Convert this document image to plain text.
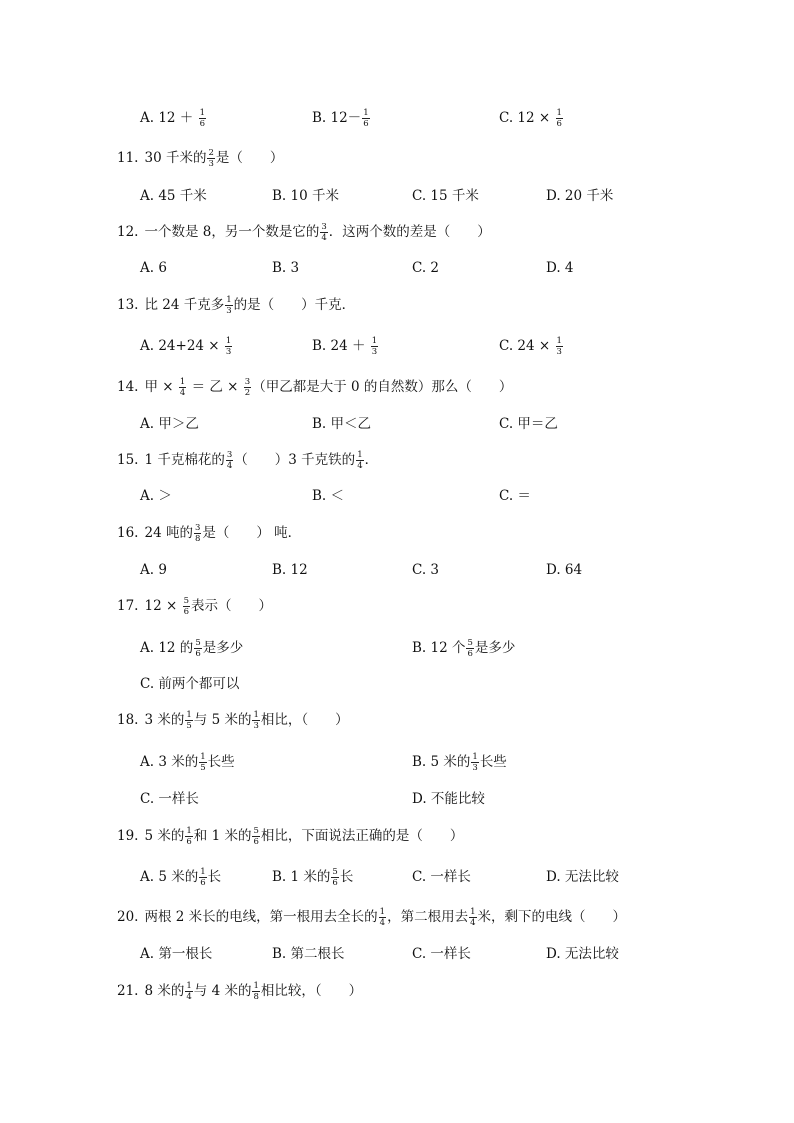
A. $12 + \frac{1}{6}$	B. $12- \frac{1}{6}$	C. $12 \times \frac{1}{6}$
11. 30 千米的 $\frac{2}{3}$ 是（　　）
A. 45 千米	B. 10 千米	C. 15 千米	D. 20 千米
12. 一个数是 8，另一个数是它的 $\frac{3}{4}$ ．这两个数的差是（　　）
A. 6	B. 3	C. 2	D. 4
13. 比 24 千克多 $\frac{1}{3}$ 的是（　　）千克．
A. $24+24 \times \frac{1}{3}$	B. $24 + \frac{1}{3}$	C. $24 \times \frac{1}{3}$
14. 甲 × $\frac{1}{4}$ ＝ 乙 × $\frac{3}{2}$ （甲乙都是大于 0 的自然数）那么（　　）
A. 甲＞乙	B. 甲＜乙	C. 甲＝乙
15. 1 千克棉花的 $\frac{3}{4}$ （　　）3 千克铁的 $\frac{1}{4}$ ．
A. ＞	B. ＜	C. ＝
16. 24 吨的 $\frac{3}{8}$ 是（　　） 吨．
A. 9	B. 12	C. 3	D. 64
17. $12 \times \frac{5}{6}$ 表示（　　）
A. 12 的 $\frac{5}{6}$ 是多少	B. 12 个 $\frac{5}{6}$ 是多少
C. 前两个都可以
18. 3 米的 $\frac{1}{5}$ 与 5 米的 $\frac{1}{3}$ 相比，（　　）
A. 3 米的 $\frac{1}{5}$ 长些	B. 5 米的 $\frac{1}{3}$ 长些
C. 一样长	D. 不能比较
19. 5 米的 $\frac{1}{6}$ 和 1 米的 $\frac{5}{6}$ 相比，下面说法正确的是（　　）
A. 5 米的 $\frac{1}{6}$ 长	B. 1 米的 $\frac{5}{6}$ 长	C. 一样长	D. 无法比较
20. 两根 2 米长的电线，第一根用去全长的 $\frac{1}{4}$ ，第二根用去 $\frac{1}{4}$ 米，剩下的电线（　　）
A. 第一根长	B. 第二根长	C. 一样长	D. 无法比较
21. 8 米的 $\frac{1}{4}$ 与 4 米的 $\frac{1}{8}$ 相比较，（　　）
